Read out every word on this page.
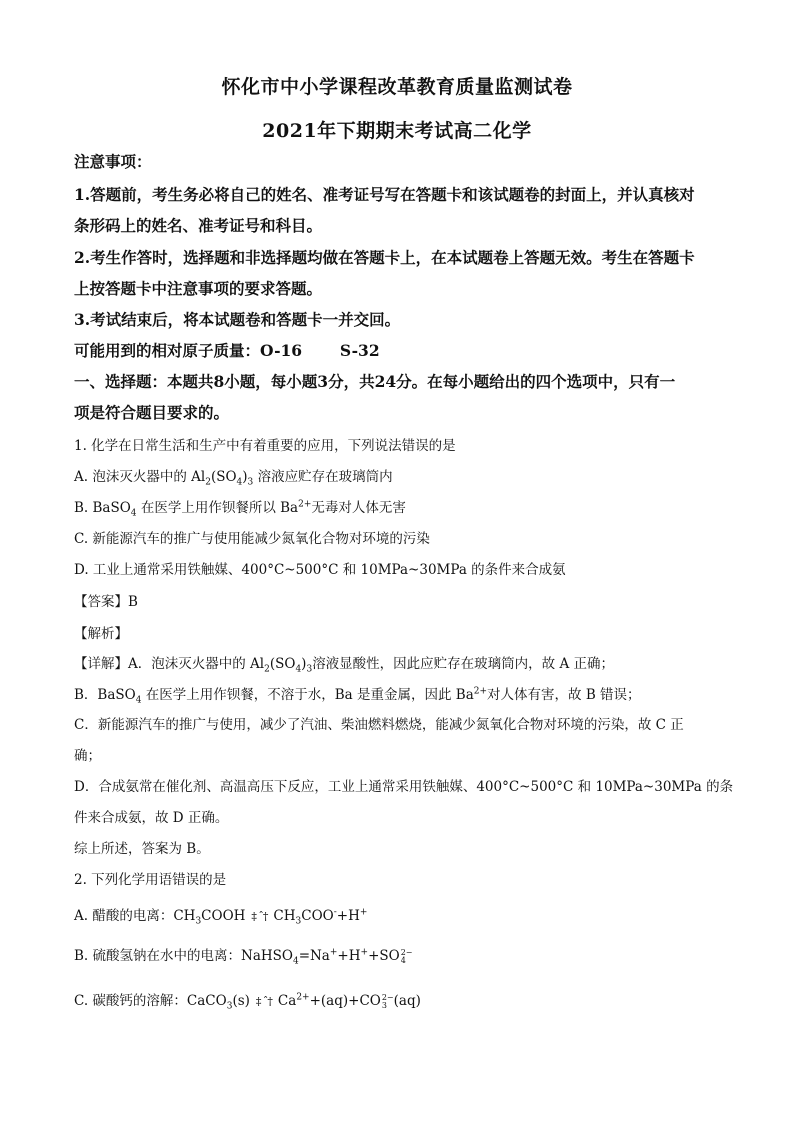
怀化市中小学课程改革教育质量监测试卷
2021年下期期末考试高二化学
注意事项：
1.答题前，考生务必将自己的姓名、准考证号写在答题卡和该试题卷的封面上，并认真核对
条形码上的姓名、准考证号和科目。
2.考生作答时，选择题和非选择题均做在答题卡上，在本试题卷上答题无效。考生在答题卡
上按答题卡中注意事项的要求答题。
3.考试结束后，将本试题卷和答题卡一并交回。
可能用到的相对原子质量：O-16       S-32
一、选择题：本题共8小题，每小题3分，共24分。在每小题给出的四个选项中，只有一
项是符合题目要求的。
1. 化学在日常生活和生产中有着重要的应用，下列说法错误的是
A. 泡沫灭火器中的 $Al_2(SO_4)_3$ 溶液应贮存在玻璃筒内
B. BaSO$_4$ 在医学上用作钡餐所以 $Ba^{2+}$无毒对人体无害
C. 新能源汽车的推广与使用能减少氮氧化合物对环境的污染
D. 工业上通常采用铁触媒、400°C~500°C 和 10MPa~30MPa 的条件来合成氨
【答案】B
【解析】
【详解】A．泡沫灭火器中的 $Al_2(SO_4)_3$溶液显酸性，因此应贮存在玻璃筒内，故 A 正确；
B．BaSO$_4$ 在医学上用作钡餐，不溶于水，Ba 是重金属，因此 $Ba^{2+}$对人体有害，故 B 错误；
C．新能源汽车的推广与使用，减少了汽油、柴油燃料燃烧，能减少氮氧化合物对环境的污染，故 C 正
确；
D．合成氨常在催化剂、高温高压下反应，工业上通常采用铁触媒、400°C~500°C 和 10MPa~30MPa 的条
件来合成氨，故 D 正确。
综上所述，答案为 B。
2. 下列化学用语错误的是
A. 醋酸的电离：$CH_3COOH$ ‡ ˆ† $CH_3COO^-+H^+$
B. 硫酸氢钠在水中的电离：NaHSO$_4$=Na++H++SO 2−
4
C. 碳酸钙的溶解：CaCO$_3$(s) ‡ ˆ† $Ca^{2+}+(aq)+CO$ 2−
3 (aq)
